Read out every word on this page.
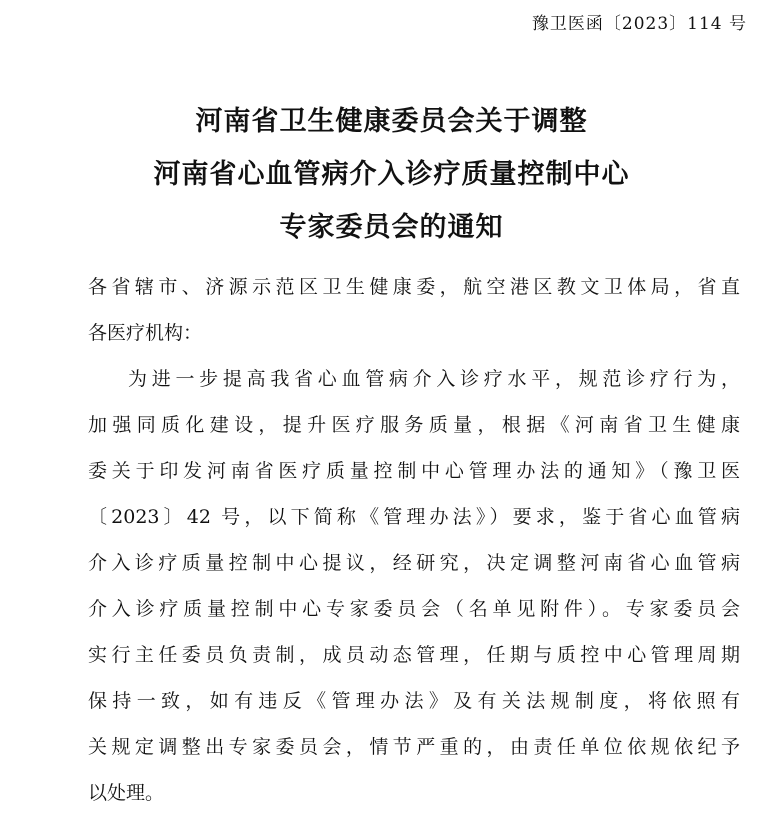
豫卫医函〔2023〕114 号
河南省卫生健康委员会关于调整
河南省心血管病介入诊疗质量控制中心
专家委员会的通知
各省辖市、济源示范区卫生健康委，航空港区教文卫体局，省直
各医疗机构：
为进一步提高我省心血管病介入诊疗水平，规范诊疗行为，
加强同质化建设，提升医疗服务质量，根据《河南省卫生健康
委关于印发河南省医疗质量控制中心管理办法的通知》（豫卫医
〔2023〕42 号，以下简称《管理办法》）要求，鉴于省心血管病
介入诊疗质量控制中心提议，经研究，决定调整河南省心血管病
介入诊疗质量控制中心专家委员会（名单见附件）。专家委员会
实行主任委员负责制，成员动态管理，任期与质控中心管理周期
保持一致，如有违反《管理办法》及有关法规制度，将依照有
关规定调整出专家委员会，情节严重的，由责任单位依规依纪予
以处理。
